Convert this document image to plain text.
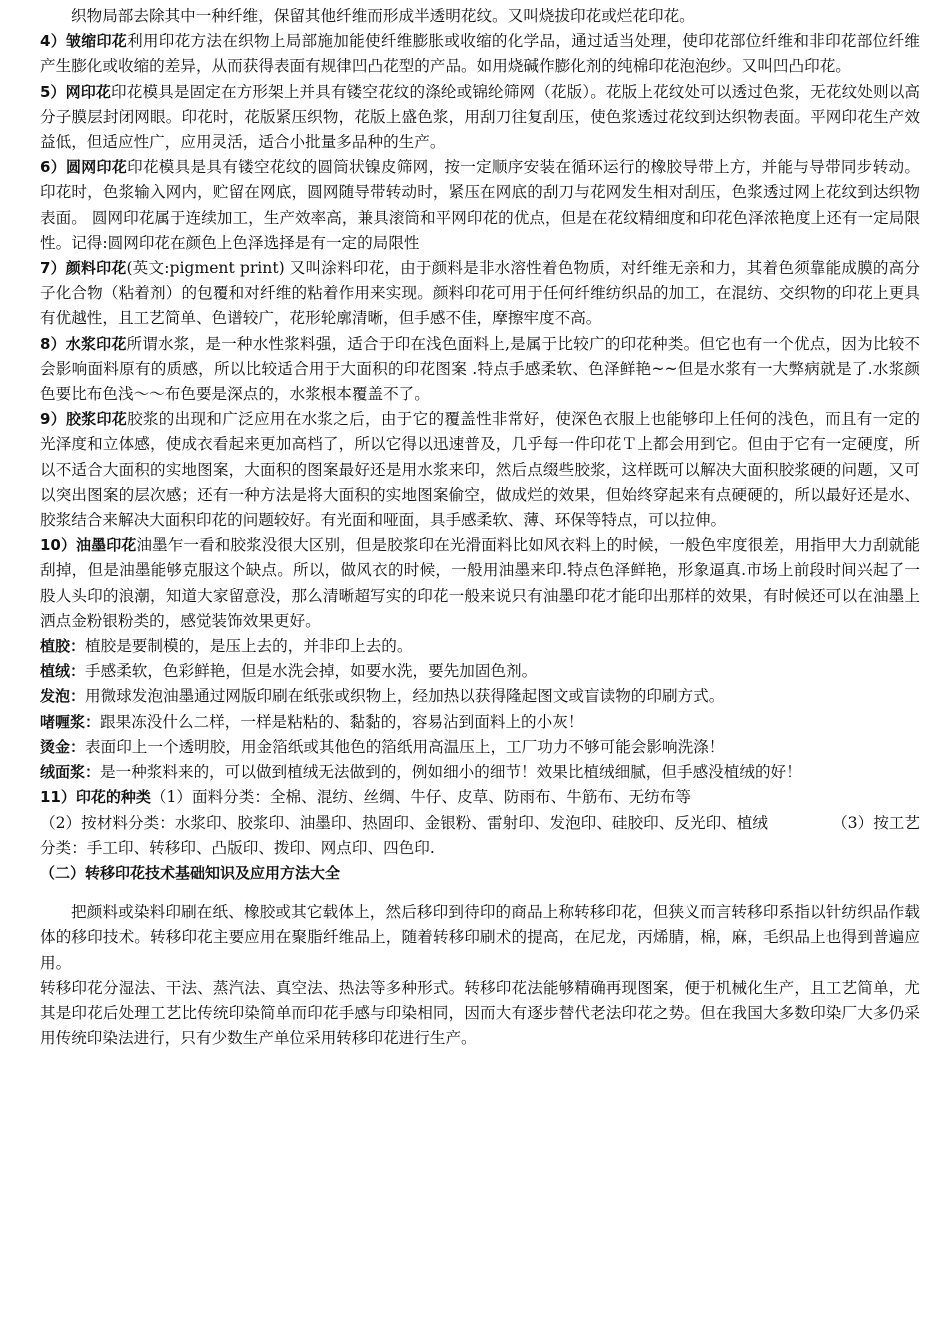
织物局部去除其中一种纤维，保留其他纤维而形成半透明花纹。又叫烧拔印花或烂花印花。

4）皱缩印花利用印花方法在织物上局部施加能使纤维膨胀或收缩的化学品，通过适当处理，使印花部位纤维和非印花部位纤维产生膨化或收缩的差异，从而获得表面有规律凹凸花型的产品。如用烧碱作膨化剂的纯棉印花泡泡纱。又叫凹凸印花。

5）网印花印花模具是固定在方形架上并具有镂空花纹的涤纶或锦纶筛网（花版）。花版上花纹处可以透过色浆，无花纹处则以高分子膜层封闭网眼。印花时，花版紧压织物，花版上盛色浆，用刮刀往复刮压，使色浆透过花纹到达织物表面。平网印花生产效益低，但适应性广，应用灵活，适合小批量多品种的生产。

6）圆网印花印花模具是具有镂空花纹的圆筒状镍皮筛网，按一定顺序安装在循环运行的橡胶导带上方，并能与导带同步转动。印花时，色浆输入网内，贮留在网底，圆网随导带转动时，紧压在网底的刮刀与花网发生相对刮压，色浆透过网上花纹到达织物表面。 圆网印花属于连续加工，生产效率高，兼具滚筒和平网印花的优点，但是在花纹精细度和印花色泽浓艳度上还有一定局限性。记得:圆网印花在颜色上色泽选择是有一定的局限性

7）颜料印花(英文:pigment print) 又叫涂料印花，由于颜料是非水溶性着色物质，对纤维无亲和力，其着色须靠能成膜的高分子化合物（粘着剂）的包覆和对纤维的粘着作用来实现。颜料印花可用于任何纤维纺织品的加工，在混纺、交织物的印花上更具有优越性，且工艺简单、色谱较广，花形轮廓清晰，但手感不佳，摩擦牢度不高。

8）水浆印花所谓水浆，是一种水性浆料强，适合于印在浅色面料上,是属于比较广的印花种类。但它也有一个优点，因为比较不会影响面料原有的质感，所以比较适合用于大面积的印花图案 .特点手感柔软、色泽鲜艳~~但是水浆有一大弊病就是了.水浆颜色要比布色浅～～布色要是深点的，水浆根本覆盖不了。

9）胶浆印花胶浆的出现和广泛应用在水浆之后，由于它的覆盖性非常好，使深色衣服上也能够印上任何的浅色，而且有一定的光泽度和立体感，使成衣看起来更加高档了，所以它得以迅速普及，几乎每一件印花Ｔ上都会用到它。但由于它有一定硬度，所以不适合大面积的实地图案，大面积的图案最好还是用水浆来印，然后点缀些胶浆，这样既可以解决大面积胶浆硬的问题，又可以突出图案的层次感；还有一种方法是将大面积的实地图案偷空，做成烂的效果，但始终穿起来有点硬硬的，所以最好还是水、胶浆结合来解决大面积印花的问题较好。有光面和哑面，具手感柔软、薄、环保等特点，可以拉伸。

10）油墨印花油墨乍一看和胶浆没很大区别，但是胶浆印在光滑面料比如风衣料上的时候，一般色牢度很差，用指甲大力刮就能刮掉，但是油墨能够克服这个缺点。所以，做风衣的时候，一般用油墨来印.特点色泽鲜艳，形象逼真.市场上前段时间兴起了一股人头印的浪潮，知道大家留意没，那么清晰超写实的印花一般来说只有油墨印花才能印出那样的效果，有时候还可以在油墨上洒点金粉银粉类的，感觉装饰效果更好。

植胶：植胶是要制模的，是压上去的，并非印上去的。

植绒：手感柔软，色彩鲜艳，但是水洗会掉，如要水洗，要先加固色剂。

发泡：用微球发泡油墨通过网版印刷在纸张或织物上，经加热以获得隆起图文或盲读物的印刷方式。

啫喱浆：跟果冻没什么二样，一样是粘粘的、黏黏的，容易沾到面料上的小灰！

烫金：表面印上一个透明胶，用金箔纸或其他色的箔纸用高温压上，工厂功力不够可能会影响洗涤！

绒面浆：是一种浆料来的，可以做到植绒无法做到的，例如细小的细节！效果比植绒细腻，但手感没植绒的好！

11）印花的种类（1）面料分类：全棉、混纺、丝绸、牛仔、皮草、防雨布、牛筋布、无纺布等

（2）按材料分类：水浆印、胶浆印、油墨印、热固印、金银粉、雷射印、发泡印、硅胶印、反光印、植绒	（3）按工艺分类：手工印、转移印、凸版印、拨印、网点印、四色印.

（二）转移印花技术基础知识及应用方法大全

把颜料或染料印刷在纸、橡胶或其它载体上，然后移印到待印的商品上称转移印花，但狭义而言转移印系指以针纺织品作载体的移印技术。转移印花主要应用在聚脂纤维品上，随着转移印刷术的提高，在尼龙，丙烯腈，棉，麻，毛织品上也得到普遍应用。

转移印花分湿法、干法、蒸汽法、真空法、热法等多种形式。转移印花法能够精确再现图案，便于机械化生产，且工艺简单，尤其是印花后处理工艺比传统印染简单而印花手感与印染相同，因而大有逐步替代老法印花之势。但在我国大多数印染厂大多仍采用传统印染法进行，只有少数生产单位采用转移印花进行生产。
